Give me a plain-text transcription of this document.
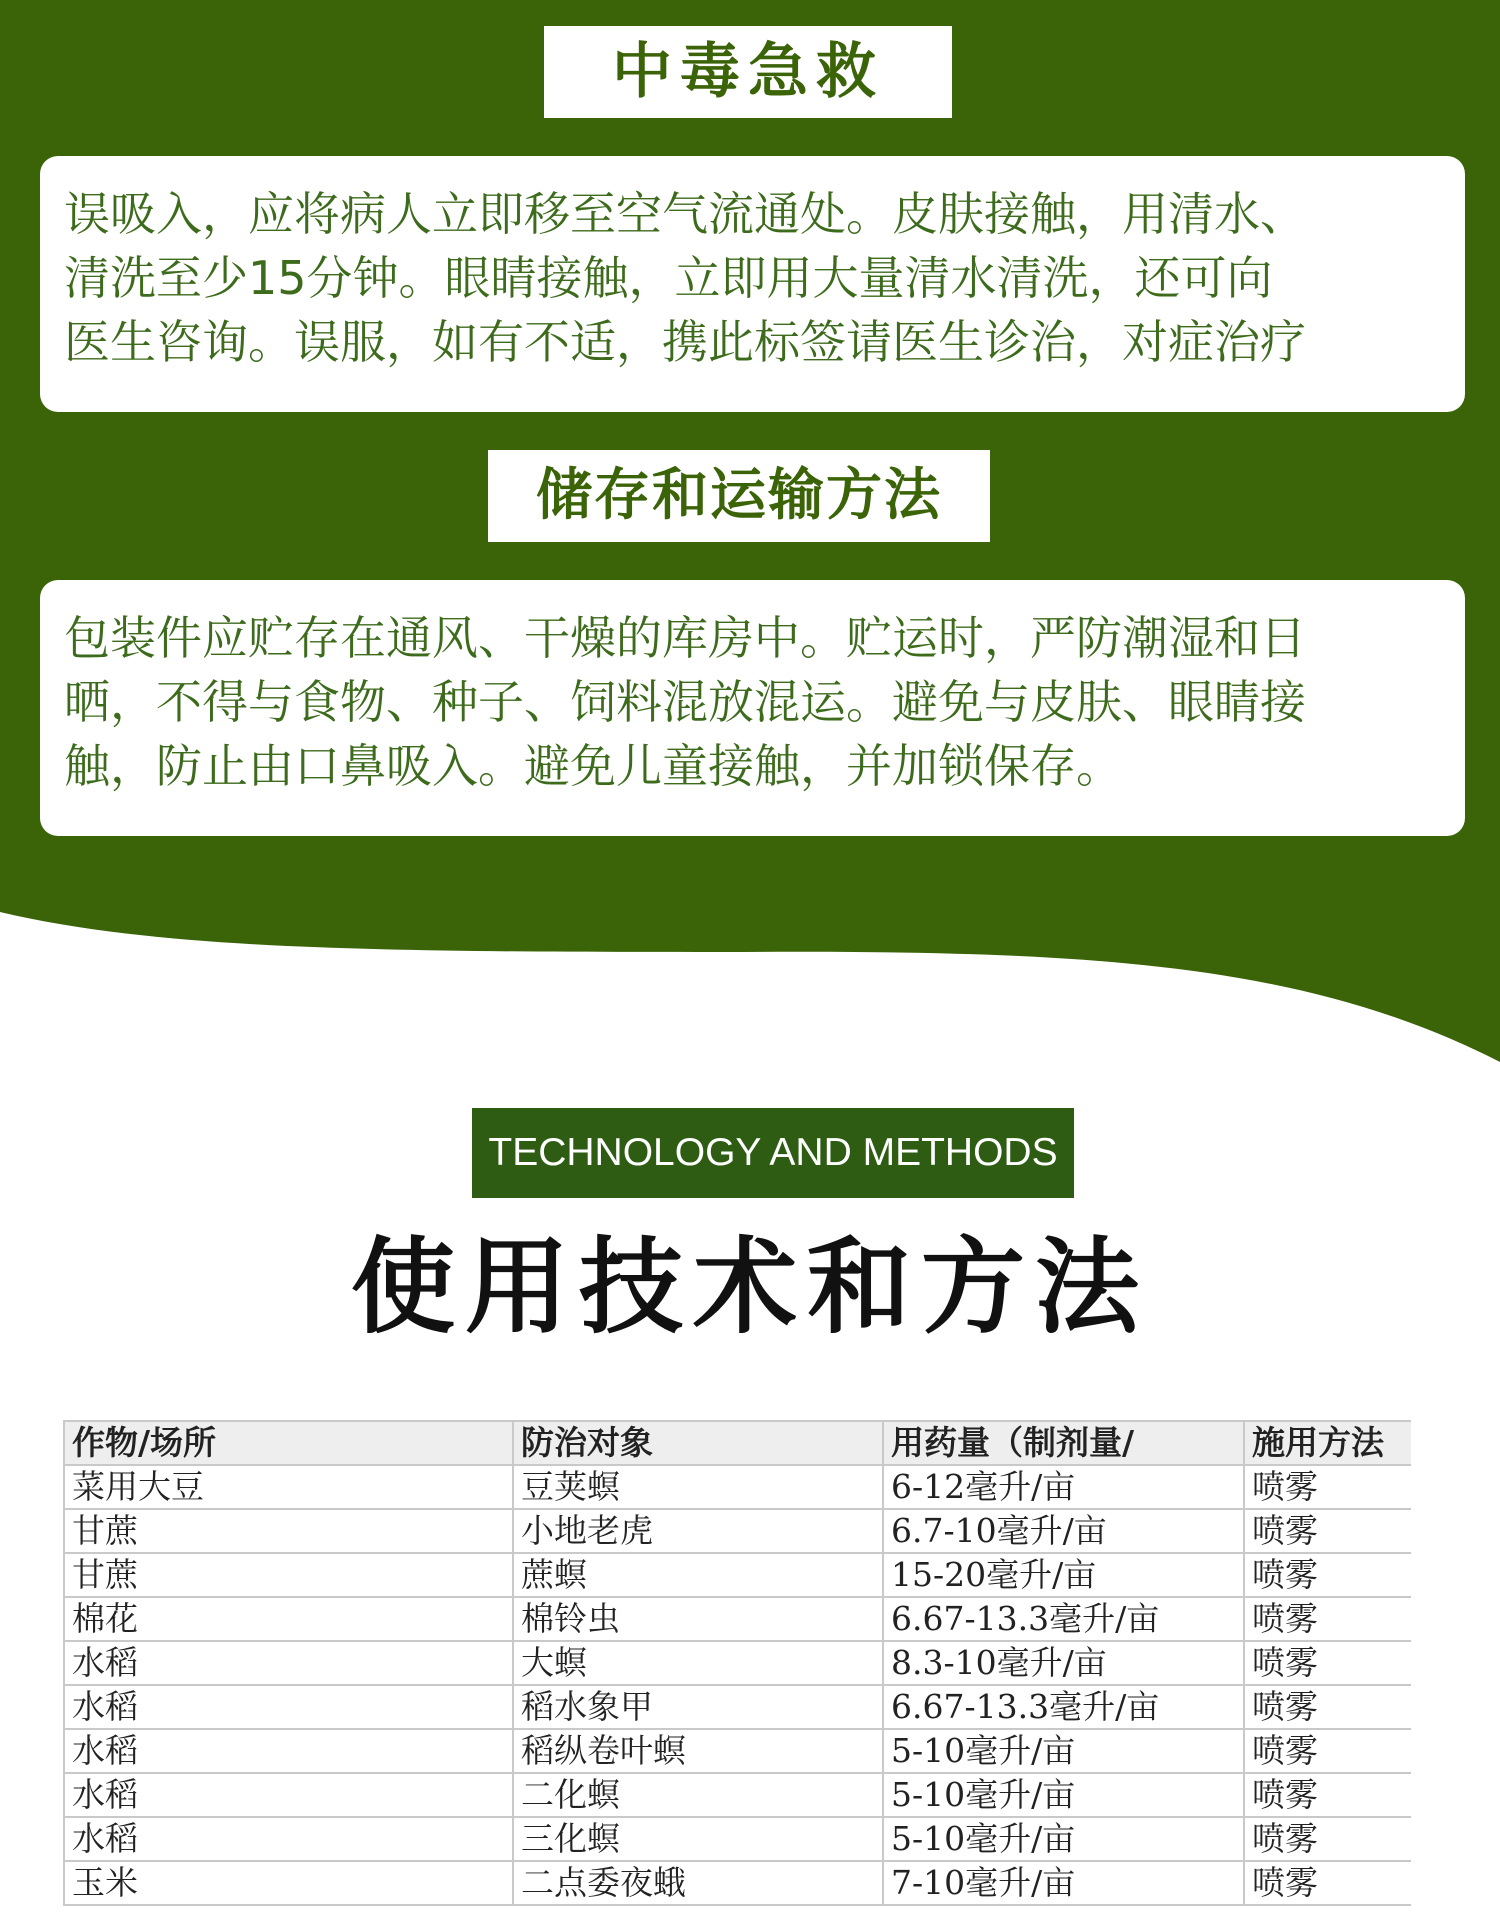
中毒急救

误吸入，应将病人立即移至空气流通处。皮肤接触，用清水、

清洗至少15分钟。眼睛接触，立即用大量清水清洗，还可向

医生咨询。误服，如有不适，携此标签请医生诊治，对症治疗

储存和运输方法

包装件应贮存在通风、干燥的库房中。贮运时，严防潮湿和日

晒，不得与食物、种子、饲料混放混运。避免与皮肤、眼睛接

触，防止由口鼻吸入。避免儿童接触，并加锁保存。

TECHNOLOGY AND METHODS
使用技术和方法
作物/场所	防治对象	用药量（制剂量/	施用方法
菜用大豆	豆荚螟	6-12毫升/亩	喷雾
甘蔗	小地老虎	6.7-10毫升/亩	喷雾
甘蔗	蔗螟	15-20毫升/亩	喷雾
棉花	棉铃虫	6.67-13.3毫升/亩	喷雾
水稻	大螟	8.3-10毫升/亩	喷雾
水稻	稻水象甲	6.67-13.3毫升/亩	喷雾
水稻	稻纵卷叶螟	5-10毫升/亩	喷雾
水稻	二化螟	5-10毫升/亩	喷雾
水稻	三化螟	5-10毫升/亩	喷雾
玉米	二点委夜蛾	7-10毫升/亩	喷雾
